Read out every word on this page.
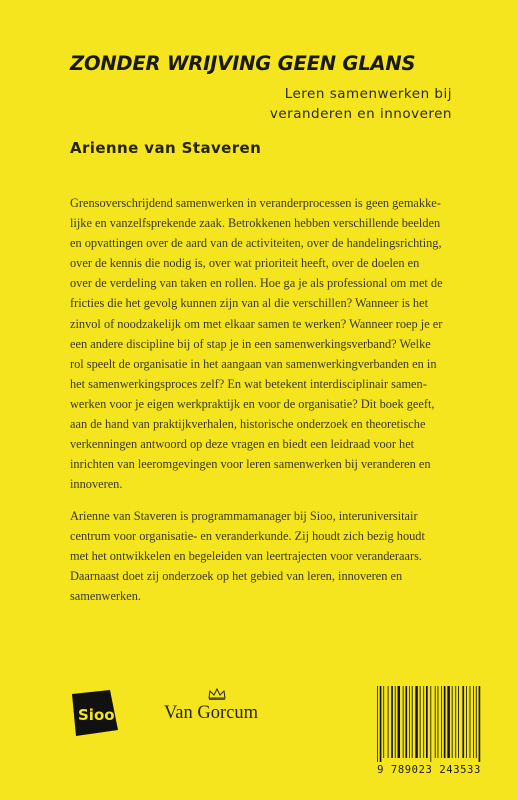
ZONDER WRIJVING GEEN GLANS
Leren samenwerken bij
veranderen en innoveren
Arienne van Staveren
Grensoverschrijdend samenwerken in veranderprocessen is geen gemakke-
lijke en vanzelfsprekende zaak. Betrokkenen hebben verschillende beelden
en opvattingen over de aard van de activiteiten, over de handelingsrichting,
over de kennis die nodig is, over wat prioriteit heeft, over de doelen en
over de verdeling van taken en rollen. Hoe ga je als professional om met de
fricties die het gevolg kunnen zijn van al die verschillen? Wanneer is het
zinvol of noodzakelijk om met elkaar samen te werken? Wanneer roep je er
een andere discipline bij of stap je in een samenwerkingsverband? Welke
rol speelt de organisatie in het aangaan van samenwerkingverbanden en in
het samenwerkingsproces zelf? En wat betekent interdisciplinair samen-
werken voor je eigen werkpraktijk en voor de organisatie? Dit boek geeft,
aan de hand van praktijkverhalen, historische onderzoek en theoretische
verkenningen antwoord op deze vragen en biedt een leidraad voor het
inrichten van leeromgevingen voor leren samenwerken bij veranderen en
innoveren.
Arienne van Staveren is programmamanager bij Sioo, interuniversitair
centrum voor organisatie- en veranderkunde. Zij houdt zich bezig houdt
met het ontwikkelen en begeleiden van leertrajecten voor veranderaars.
Daarnaast doet zij onderzoek op het gebied van leren, innoveren en
samenwerken.
Sioo	Van Gorcum
9 789023 243533
